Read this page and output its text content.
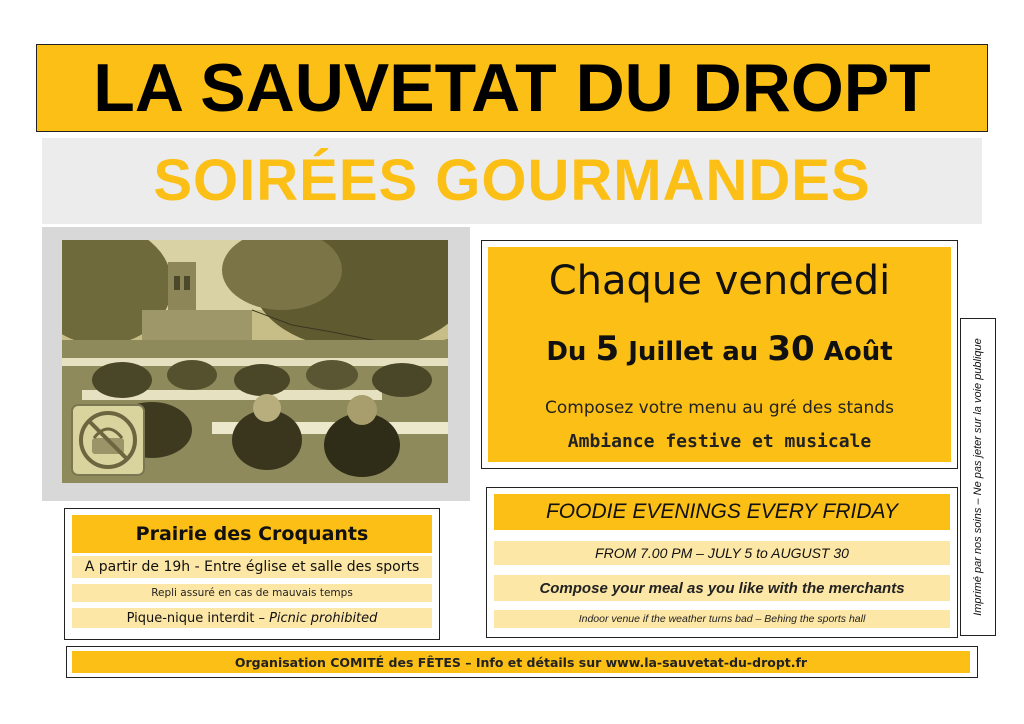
LA SAUVETAT DU DROPT
SOIRÉES GOURMANDES
Chaque vendredi
Du 5 Juillet au 30 Août
Composez votre menu au gré des stands
Ambiance festive et musicale	Imprimé par nos soins – Ne pas jeter sur la voie publique
Prairie des Croquants
A partir de 19h - Entre église et salle des sports
Repli assuré en cas de mauvais temps
Pique-nique interdit – Picnic prohibited
FOODIE EVENINGS EVERY FRIDAY
FROM 7.00 PM – JULY 5 to AUGUST 30
Compose your meal as you like with the merchants
Indoor venue if the weather turns bad – Behing the sports hall
Organisation COMITÉ des FÊTES – Info et détails sur www.la-sauvetat-du-dropt.fr
